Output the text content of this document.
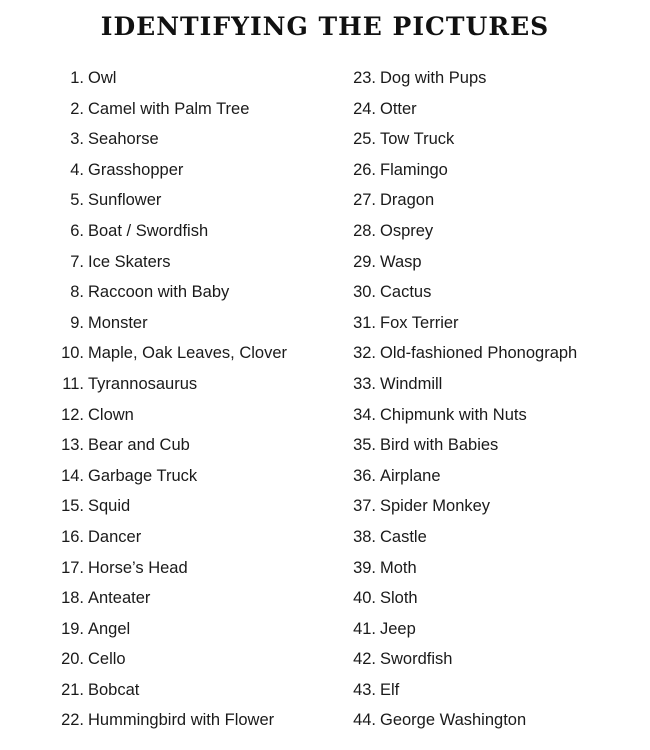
IDENTIFYING THE PICTURES
1. Owl
2. Camel with Palm Tree
3. Seahorse
4. Grasshopper
5. Sunflower
6. Boat / Swordfish
7. Ice Skaters
8. Raccoon with Baby
9. Monster
10. Maple, Oak Leaves, Clover
11. Tyrannosaurus
12. Clown
13. Bear and Cub
14. Garbage Truck
15. Squid
16. Dancer
17. Horse’s Head
18. Anteater
19. Angel
20. Cello
21. Bobcat
22. Hummingbird with Flower
23. Dog with Pups
24. Otter
25. Tow Truck
26. Flamingo
27. Dragon
28. Osprey
29. Wasp
30. Cactus
31. Fox Terrier
32. Old-fashioned Phonograph
33. Windmill
34. Chipmunk with Nuts
35. Bird with Babies
36. Airplane
37. Spider Monkey
38. Castle
39. Moth
40. Sloth
41. Jeep
42. Swordfish
43. Elf
44. George Washington
